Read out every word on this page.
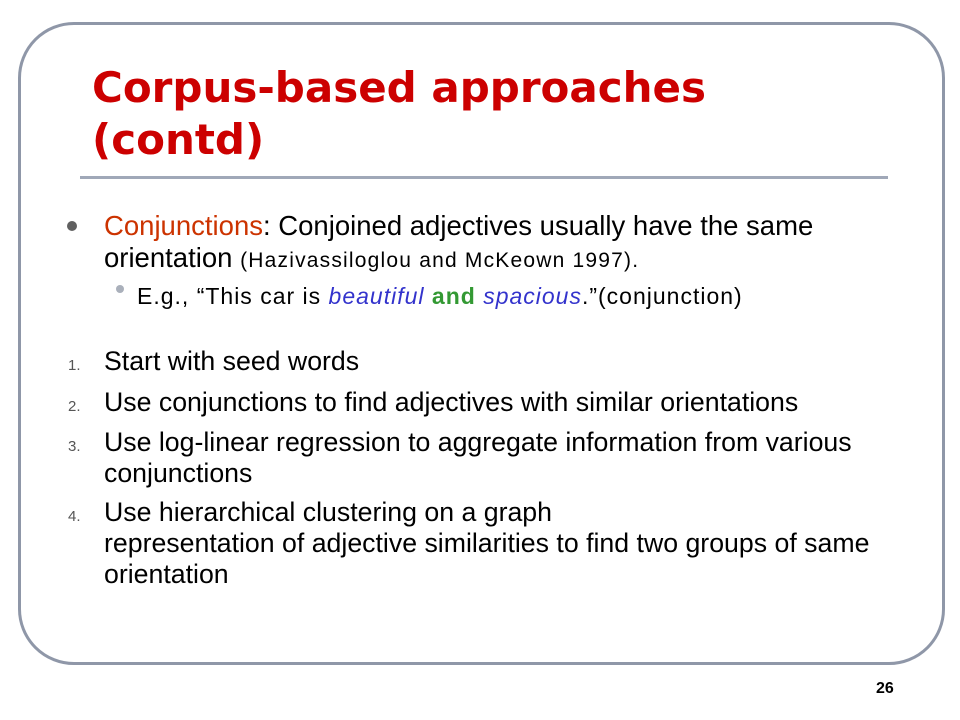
Corpus-based approaches (contd)
Conjunctions: Conjoined adjectives usually have the same orientation (Hazivassiloglou and McKeown 1997).
E.g., “This car is beautiful and spacious.”(conjunction)
1. Start with seed words
2. Use conjunctions to find adjectives with similar orientations
3. Use log-linear regression to aggregate information from various conjunctions
4. Use hierarchical clustering on a graph
representation of adjective similarities to find two groups of same orientation
26
